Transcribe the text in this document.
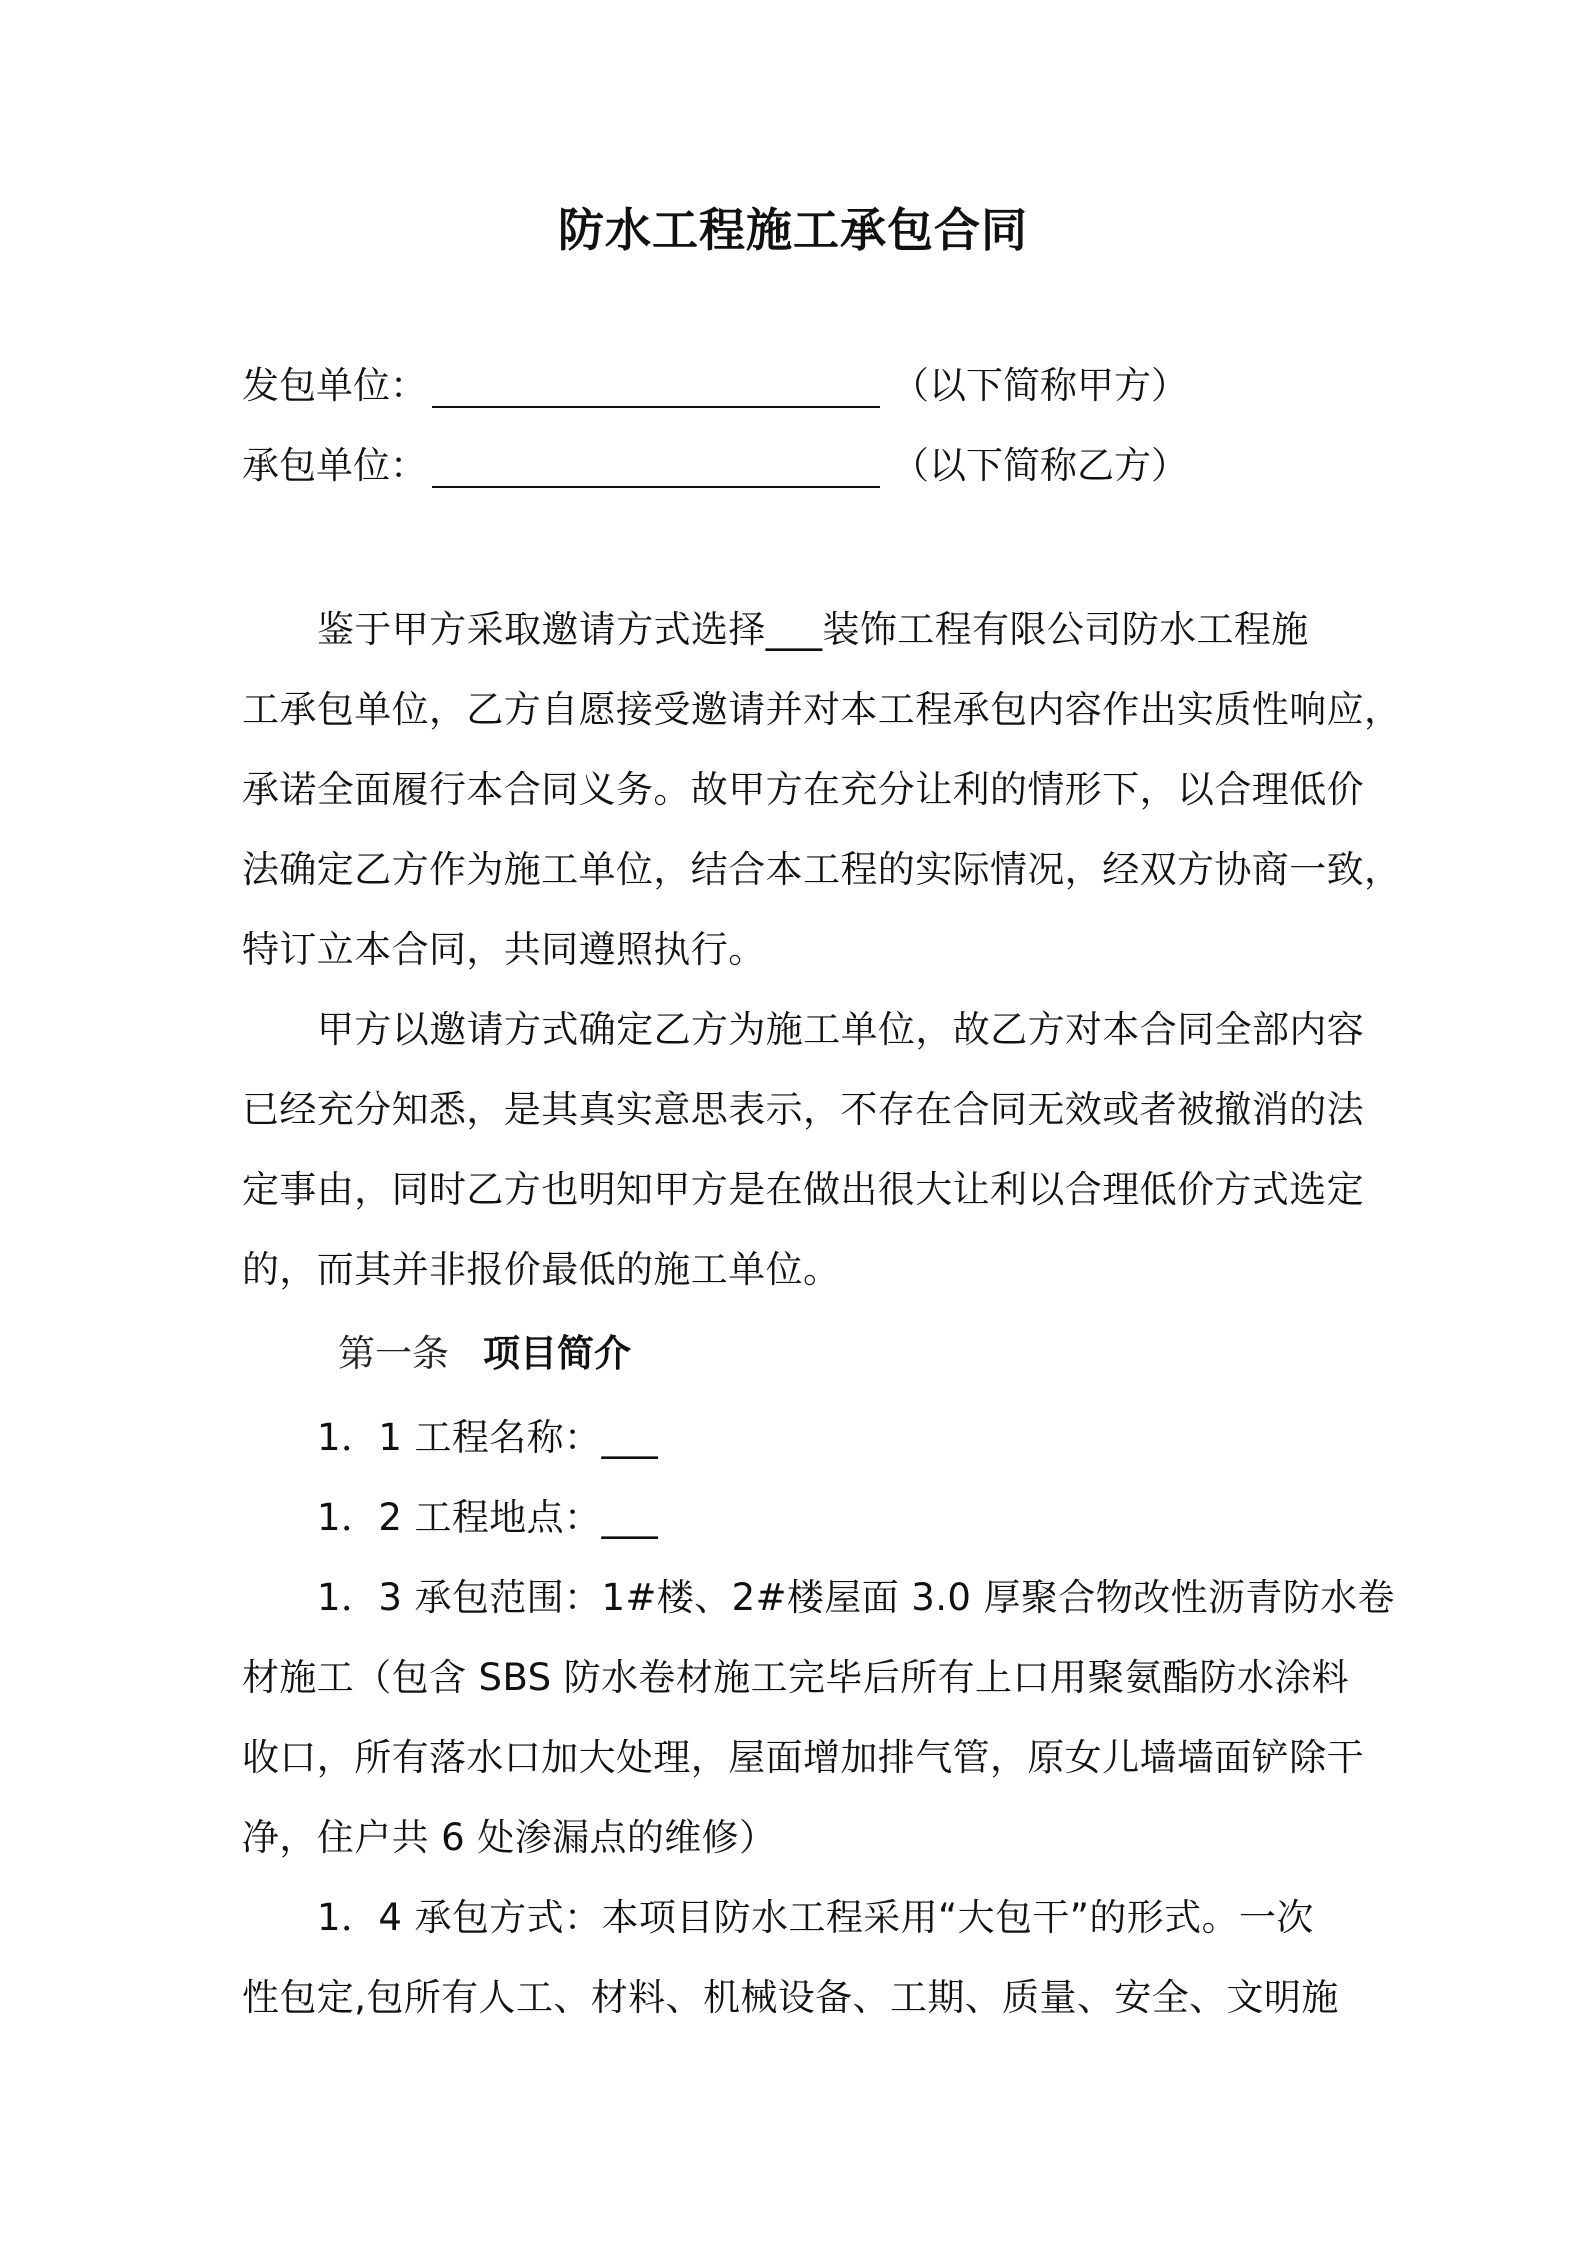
防水工程施工承包合同
发包单位：	（以下简称甲方）
承包单位：	（以下简称乙方）
鉴于甲方采取邀请方式选择___装饰工程有限公司防水工程施
工承包单位，乙方自愿接受邀请并对本工程承包内容作出实质性响应，
承诺全面履行本合同义务。故甲方在充分让利的情形下，以合理低价
法确定乙方作为施工单位，结合本工程的实际情况，经双方协商一致，
特订立本合同，共同遵照执行。
甲方以邀请方式确定乙方为施工单位，故乙方对本合同全部内容
已经充分知悉，是其真实意思表示，不存在合同无效或者被撤消的法
定事由，同时乙方也明知甲方是在做出很大让利以合理低价方式选定
的，而其并非报价最低的施工单位。
第一条 项目简介
1．1 工程名称：___
1．2 工程地点：___
1．3 承包范围：1#楼、2#楼屋面 3.0 厚聚合物改性沥青防水卷
材施工（包含 SBS 防水卷材施工完毕后所有上口用聚氨酯防水涂料
收口，所有落水口加大处理，屋面增加排气管，原女儿墙墙面铲除干
净，住户共 6 处渗漏点的维修）
1．4 承包方式：本项目防水工程采用“大包干”的形式。一次
性包定,包所有人工、材料、机械设备、工期、质量、安全、文明施
